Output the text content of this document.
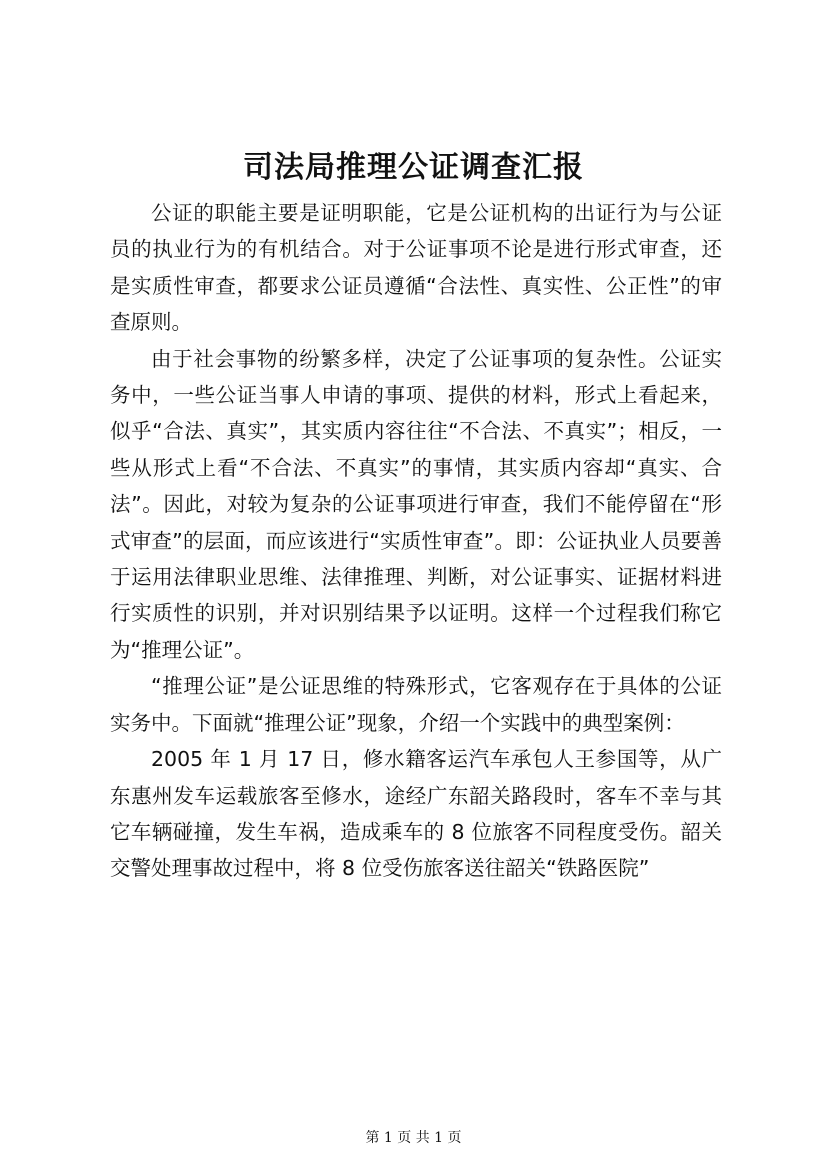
司法局推理公证调查汇报

公证的职能主要是证明职能，它是公证机构的出证行为与公证员的执业行为的有机结合。对于公证事项不论是进行形式审查，还是实质性审查，都要求公证员遵循“合法性、真实性、公正性”的审查原则。

由于社会事物的纷繁多样，决定了公证事项的复杂性。公证实务中，一些公证当事人申请的事项、提供的材料，形式上看起来，似乎“合法、真实”，其实质内容往往“不合法、不真实”；相反，一些从形式上看“不合法、不真实”的事情，其实质内容却“真实、合法”。因此，对较为复杂的公证事项进行审查，我们不能停留在“形式审查”的层面，而应该进行“实质性审查”。即：公证执业人员要善于运用法律职业思维、法律推理、判断，对公证事实、证据材料进行实质性的识别，并对识别结果予以证明。这样一个过程我们称它为“推理公证”。

“推理公证”是公证思维的特殊形式，它客观存在于具体的公证实务中。下面就“推理公证”现象，介绍一个实践中的典型案例：

2005 年 1 月 17 日，修水籍客运汽车承包人王参国等，从广东惠州发车运载旅客至修水，途经广东韶关路段时，客车不幸与其它车辆碰撞，发生车祸，造成乘车的 8 位旅客不同程度受伤。韶关交警处理事故过程中，将 8 位受伤旅客送往韶关“铁路医院”

第 1 页 共 1 页
